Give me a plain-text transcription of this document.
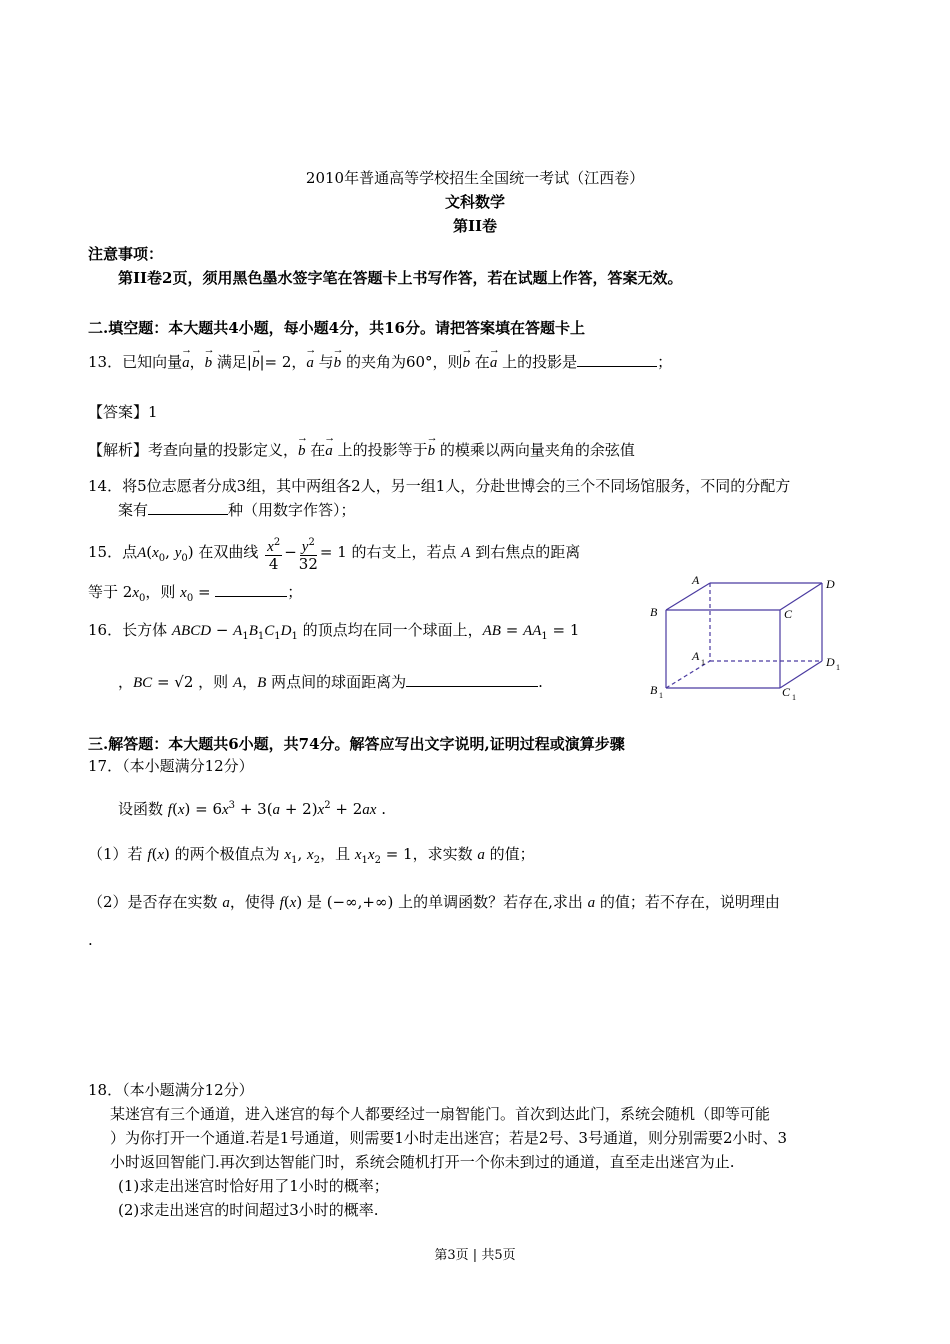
2010年普通高等学校招生全国统一考试（江西卷）
文科数学
第II卷
注意事项：
第II卷2页，须用黑色墨水签字笔在答题卡上书写作答，若在试题上作答，答案无效。
二.填空题：本大题共4小题，每小题4分，共16分。请把答案填在答题卡上
13．已知向量→ a，→ b 满足|→ b|= 2，→ a 与→ b 的夹角为60°，则→ b 在→ a 上的投影是	；
【答案】1
【解析】考查向量的投影定义，→ b 在→ a 上的投影等于→ b 的模乘以两向量夹角的余弦值
14．将5位志愿者分成3组，其中两组各2人，另一组1人，分赴世博会的三个不同场馆服务，不同的分配方
案有	种（用数字作答）；
15．点$A(x_0$, $y_0$) 在双曲线 $\frac{x^2}{4} - \frac{y^2}{32} = 1$ 的右支上，若点 A 到右焦点的距离
等于 $2x_0$，则 $x_0$ =	；
16．长方体 ABCD − $A_1B_1C_1D_1$ 的顶点均在同一个球面上，AB = $AA_1 = 1$
，BC = √2 ，则 A，B 两点间的球面距离为	.
A	D
B	C
A 1	D 1
B 1	C 1
三.解答题：本大题共6小题，共74分。解答应写出文字说明,证明过程或演算步骤
17．（本小题满分12分）
设函数 $f(x) = 6x^3 + 3(a + 2)x^2 + 2ax$ .
（1）若 f(x) 的两个极值点为 $x_1$, $x_2$，且 $x_1x_2 = 1$，求实数 a 的值；
（2）是否存在实数 a，使得 f(x) 是 (−∞,+∞) 上的单调函数？若存在,求出 a 的值；若不存在，说明理由
.
18．（本小题满分12分）
某迷宫有三个通道，进入迷宫的每个人都要经过一扇智能门。首次到达此门，系统会随机（即等可能
）为你打开一个通道.若是1号通道，则需要1小时走出迷宫；若是2号、3号通道，则分别需要2小时、3
小时返回智能门.再次到达智能门时，系统会随机打开一个你未到过的通道，直至走出迷宫为止.
(1)求走出迷宫时恰好用了1小时的概率；
(2)求走出迷宫的时间超过3小时的概率.
第3页 | 共5页
